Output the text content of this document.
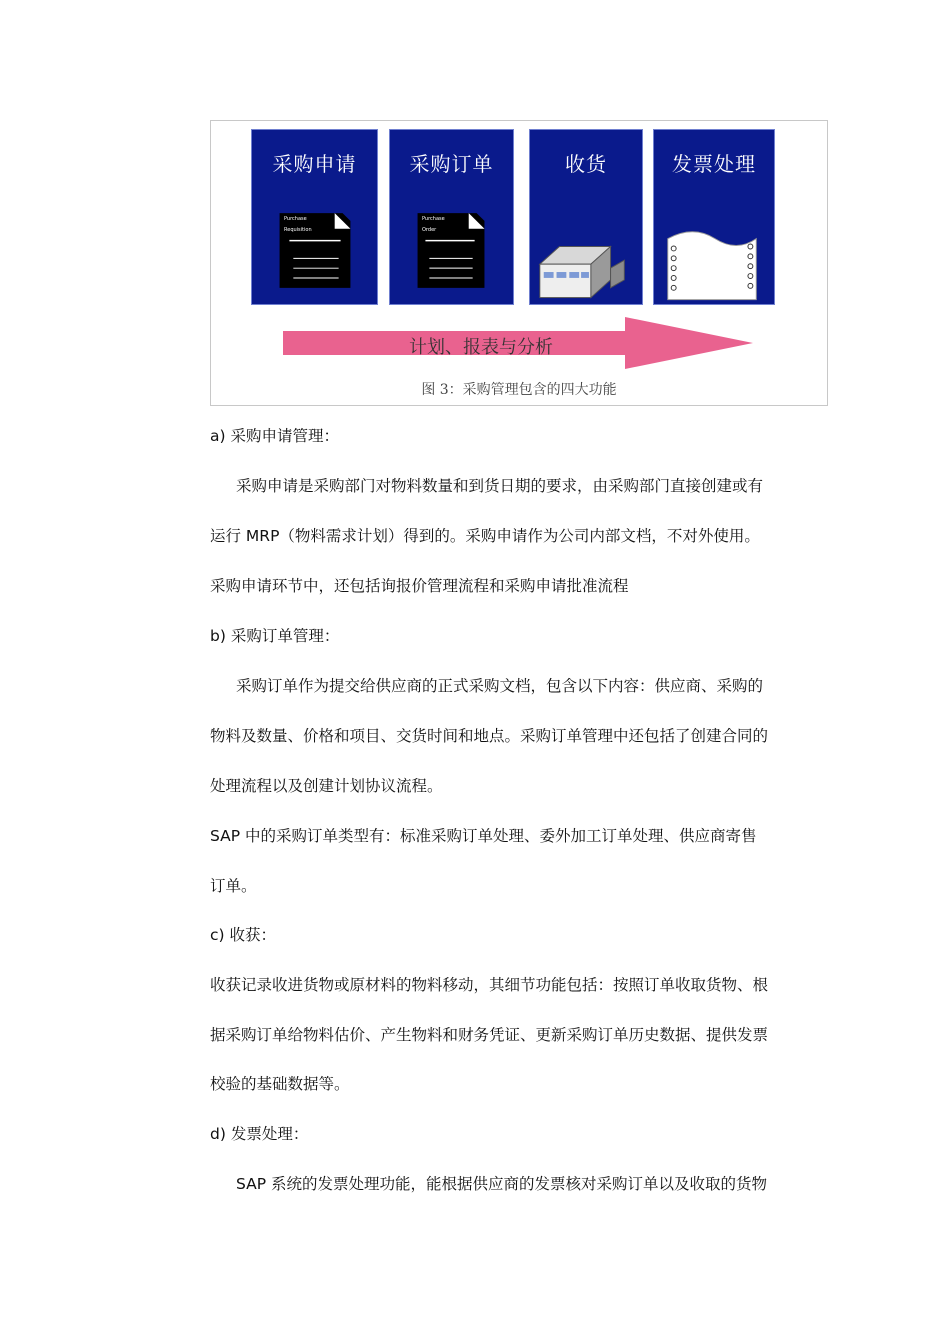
采购申请
Purchase
Requisition
采购订单
Purchase
Order
收货	发票处理
计划、报表与分析
图 3：采购管理包含的四大功能
a) 采购申请管理：
采购申请是采购部门对物料数量和到货日期的要求，由采购部门直接创建或有
运行 MRP（物料需求计划）得到的。采购申请作为公司内部文档，不对外使用。
采购申请环节中，还包括询报价管理流程和采购申请批准流程
b) 采购订单管理：
采购订单作为提交给供应商的正式采购文档，包含以下内容：供应商、采购的
物料及数量、价格和项目、交货时间和地点。采购订单管理中还包括了创建合同的
处理流程以及创建计划协议流程。
SAP 中的采购订单类型有：标准采购订单处理、委外加工订单处理、供应商寄售
订单。
c) 收获：
收获记录收进货物或原材料的物料移动，其细节功能包括：按照订单收取货物、根
据采购订单给物料估价、产生物料和财务凭证、更新采购订单历史数据、提供发票
校验的基础数据等。
d) 发票处理：
SAP 系统的发票处理功能，能根据供应商的发票核对采购订单以及收取的货物
